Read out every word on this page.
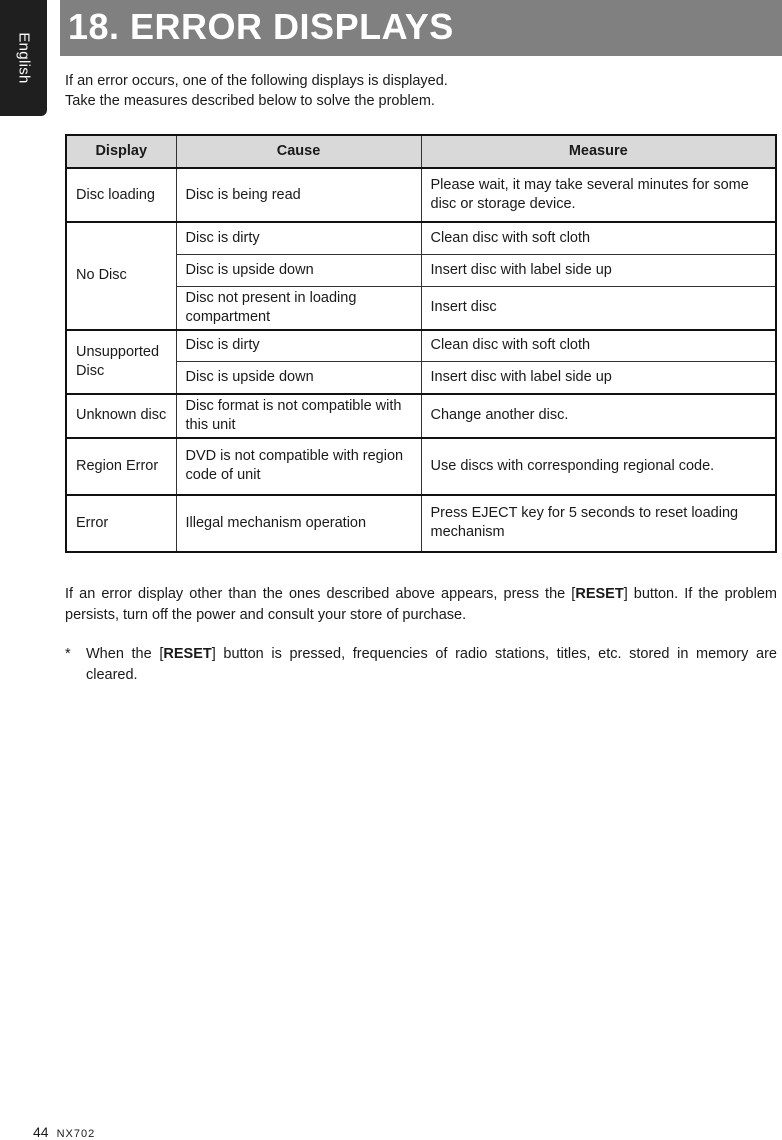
English
18. ERROR DISPLAYS

If an error occurs, one of the following displays is displayed.

Take the measures described below to solve the problem.

Display	Cause	Measure
Disc loading	Disc is being read	Please wait, it may take several minutes for some disc or storage device.
No Disc	Disc is dirty	Clean disc with soft cloth
	Disc is upside down	Insert disc with label side up
	Disc not present in loading compartment	Insert disc
Unsupported Disc	Disc is dirty	Clean disc with soft cloth
	Disc is upside down	Insert disc with label side up
Unknown disc	Disc format is not compatible with this unit	Change another disc.
Region Error	DVD is not compatible with region code of unit	Use discs with corresponding regional code.
Error	Illegal mechanism operation	Press EJECT key for 5 seconds to reset loading mechanism

If an error display other than the ones described above appears, press the [RESET] button. If the problem persists, turn off the power and consult your store of purchase.

* When the [RESET] button is pressed, frequencies of radio stations, titles, etc. stored in memory are cleared.

44 NX702
